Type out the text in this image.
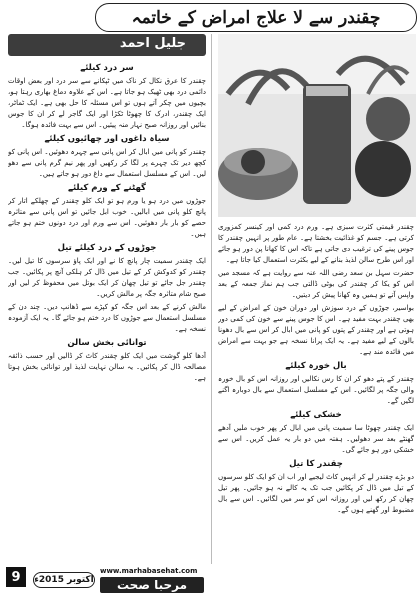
چقندر سے لا علاج امراض کے خاتمہ
جلیل احمد

چقندر قیمتی کثرت سبزی ہے۔ ورم درد کمی اور کینسر کمزوری کرتی ہے۔ جسم کو غذائیت بخشتا ہے۔ عام طور پر انہیں چقندر کا جوس پینے کی ترغیب دی جاتی ہے تاکہ اس کا کھانا پن دور ہو جائے اور اس طرح سالن لذیذ بنانے کے لیے بکثرت استعمال کیا جاتا ہے۔

حضرت سہل بن سعد رضی اللہ عنہ سے روایت ہے کہ مسجد میں اس کو یکا کر چقندر کی بوٹی ڈالتی جب ہم نماز جمعہ کے بعد واپس آتے تو ہمیں وہ کھانا پیش کر دیتیں۔

بواسیر، جوڑوں کے درد سوزش اور دوران خون کے امراض کے لیے بھی چقندر بہت مفید ہے۔ اس کا جوس پینے سے خون کی کمی دور ہوتی ہے اور چقندر کے پتوں کو پانی میں ابال کر اس سے بال دھونا بالوں کے لیے مفید ہے۔ یہ ایک پرانا نسخہ ہے جو بہت سے امراض میں فائدہ مند ہے۔

بال خورہ کیلئے

چقندر کے پتے دھو کر ان کا رس نکالیں اور روزانہ اس کو بال خورہ والی جگہ پر لگائیں۔ اس کے مسلسل استعمال سے بال دوبارہ اگنے لگیں گے۔

خشکی کیلئے

ایک چقندر چھوٹا سا سمیت پانی میں ابال کر پھر خوب ملیں آدھے گھنٹے بعد سر دھولیں۔ ہفتہ میں دو بار یہ عمل کریں۔ اس سے خشکی دور ہو جائے گی۔

چقندر کا تیل

دو بڑے چقندر لے کر انہیں کاٹ لیجیے اور اب ان کو ایک کلو سرسوں کے تیل میں ڈال کر پکائیں جب تک یہ کالے نہ ہو جائیں۔ پھر تیل چھان کر رکھ لیں اور روزانہ اس کو سر میں لگائیں۔ اس سے بال مضبوط اور گھنے ہوں گے۔

سر درد کیلئے

چقندر کا عرق نکال کر ناک میں ٹپکانے سے سر درد اور بعض اوقات دائمی درد بھی ٹھیک ہو جاتا ہے۔ اس کے علاوہ دماغ بھاری رہتا ہو، بچیوں میں چکر آتے ہوں تو اس مسئلہ کا حل بھی ہے۔ ایک ٹماٹر، ایک چقندر، ادرک کا چھوٹا ٹکڑا اور ایک گاجر لے کر ان کا جوس بنائیں اور روزانہ صبح نہار منہ پیئیں۔ اس سے بہت فائدہ ہوگا۔

سیاہ داغوں اور چھائیوں کیلئے

چقندر کو پانی میں ابال کر اس پانی سے چہرہ دھوئیں۔ اس پانی کو کچھ دیر تک چہرے پر لگا کر رکھیں اور پھر نیم گرم پانی سے دھو لیں۔ اس کے مسلسل استعمال سے داغ دور ہو جاتے ہیں۔

گھٹنے کے ورم کیلئے

جوڑوں میں درد ہو یا ورم ہو تو ایک کلو چقندر کے چھلکے اتار کر پانچ کلو پانی میں ابالیں۔ خوب ابل جائیں تو اس پانی سے متاثرہ حصے کو بار بار دھوئیں۔ اس سے ورم اور درد دونوں ختم ہو جاتے ہیں۔

جوڑوں کے درد کیلئے تیل

ایک چقندر سمیت چار پانچ کا نے اور ایک پاؤ سرسوں کا تیل لیں۔ چقندر کو کدوکش کر کے تیل میں ڈال کر ہلکی آنچ پر پکائیں۔ جب چقندر جل جائے تو تیل چھان کر ایک بوتل میں محفوظ کر لیں اور صبح شام متاثرہ جگہ پر مالش کریں۔

مالش کرنے کے بعد اس جگہ کو کپڑے سے ڈھانپ دیں۔ چند دن کے مسلسل استعمال سے جوڑوں کا درد ختم ہو جائے گا۔ یہ ایک آزمودہ نسخہ ہے۔

توانائی بخش سالن

آدھا کلو گوشت میں ایک کلو چقندر کاٹ کر ڈالیں اور حسب ذائقہ مصالحہ ڈال کر پکائیں۔ یہ سالن نہایت لذیذ اور توانائی بخش ہوتا ہے۔

9	اکتوبر 2015ء
www.marhabasehat.com
مرحبا صحت
